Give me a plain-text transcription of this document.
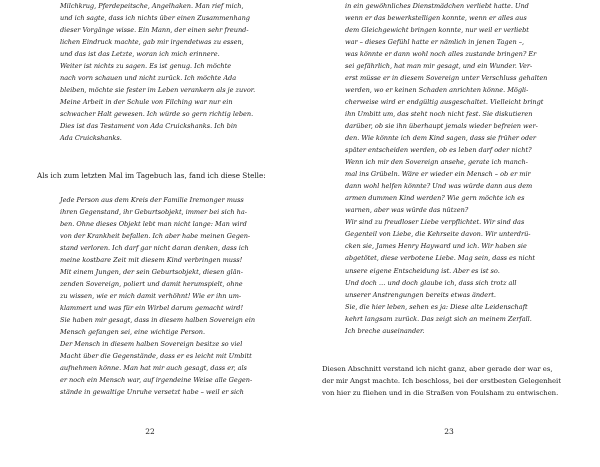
Milchkrug, Pferdepeitsche, Angelhaken. Man rief mich,
und ich sagte, dass ich nichts über einen Zusammenhang
dieser Vorgänge wisse. Ein Mann, der einen sehr freund-
lichen Eindruck machte, gab mir irgendetwas zu essen,
und das ist das Letzte, woran ich mich erinnere.
Weiter ist nichts zu sagen. Es ist genug. Ich möchte
nach vorn schauen und nicht zurück. Ich möchte Ada
bleiben, möchte sie fester im Leben verankern als je zuvor.
Meine Arbeit in der Schule von Filching war nur ein
schwacher Halt gewesen. Ich würde so gern richtig leben.
Dies ist das Testament von Ada Cruickshanks. Ich bin
Ada Cruickshanks.
Als ich zum letzten Mal im Tagebuch las, fand ich diese Stelle:
Jede Person aus dem Kreis der Familie Iremonger muss
ihren Gegenstand, ihr Geburtsobjekt, immer bei sich ha-
ben. Ohne dieses Objekt lebt man nicht lange: Man wird
von der Krankheit befallen. Ich aber habe meinen Gegen-
stand verloren. Ich darf gar nicht daran denken, dass ich
meine kostbare Zeit mit diesem Kind verbringen muss!
Mit einem Jungen, der sein Geburtsobjekt, diesen glän-
zenden Sovereign, poliert und damit herumspielt, ohne
zu wissen, wie er mich damit verhöhnt! Wie er ihn um-
klammert und was für ein Wirbel darum gemacht wird!
Sie haben mir gesagt, dass in diesem halben Sovereign ein
Mensch gefangen sei, eine wichtige Person.
Der Mensch in diesem halben Sovereign besitze so viel
Macht über die Gegenstände, dass er es leicht mit Umbitt
aufnehmen könne. Man hat mir auch gesagt, dass er, als
er noch ein Mensch war, auf irgendeine Weise alle Gegen-
stände in gewaltige Unruhe versetzt habe – weil er sich

22

in ein gewöhnliches Dienstmädchen verliebt hatte. Und
wenn er das bewerkstelligen konnte, wenn er alles aus
dem Gleichgewicht bringen konnte, nur weil er verliebt
war – dieses Gefühl hatte er nämlich in jenen Tagen –,
was könnte er dann wohl noch alles zustande bringen? Er
sei gefährlich, hat man mir gesagt, und ein Wunder. Ver-
erst müsse er in diesem Sovereign unter Verschluss gehalten
werden, wo er keinen Schaden anrichten könne. Mögli-
cherweise wird er endgültig ausgeschaltet. Vielleicht bringt
ihn Umbitt um, das steht noch nicht fest. Sie diskutieren
darüber, ob sie ihn überhaupt jemals wieder befreien wer-
den. Wie könnte ich dem Kind sagen, dass sie früher oder
später entscheiden werden, ob es leben darf oder nicht?
Wenn ich mir den Sovereign ansehe, gerate ich manch-
mal ins Grübeln. Wäre er wieder ein Mensch – ob er mir
dann wohl helfen könnte? Und was würde dann aus dem
armen dummen Kind werden? Wie gern möchte ich es
warnen, aber was würde das nützen?
Wir sind zu freudloser Liebe verpflichtet. Wir sind das
Gegenteil von Liebe, die Kehrseite davon. Wir unterdrü-
cken sie, James Henry Hayward und ich. Wir haben sie
abgetötet, diese verbotene Liebe. Mag sein, dass es nicht
unsere eigene Entscheidung ist. Aber es ist so.
Und doch … und doch glaube ich, dass sich trotz all
unserer Anstrengungen bereits etwas ändert.
Sie, die hier leben, sehen es ja: Diese alte Leidenschaft
kehrt langsam zurück. Das zeigt sich an meinem Zerfall.
Ich breche auseinander.
Diesen Abschnitt verstand ich nicht ganz, aber gerade der war es,
der mir Angst machte. Ich beschloss, bei der erstbesten Gelegenheit
von hier zu fliehen und in die Straßen von Foulsham zu entwischen.

23
